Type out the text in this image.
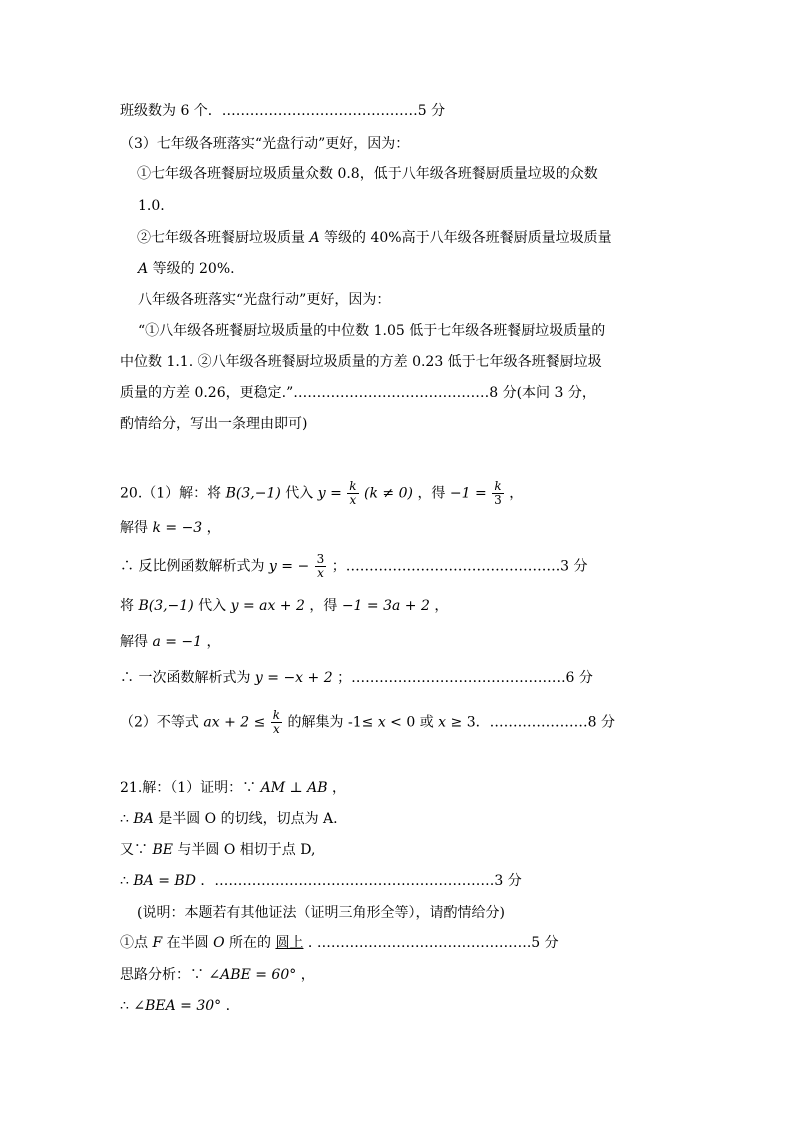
班级数为 6 个．……………………………………5 分
（3）七年级各班落实“光盘行动”更好，因为：
①七年级各班餐厨垃圾质量众数 0.8，低于八年级各班餐厨质量垃圾的众数
1.0.
②七年级各班餐厨垃圾质量 A 等级的 40%高于八年级各班餐厨质量垃圾质量
A 等级的 20%.
八年级各班落实“光盘行动”更好，因为：
“①八年级各班餐厨垃圾质量的中位数 1.05 低于七年级各班餐厨垃圾质量的
中位数 1.1. ②八年级各班餐厨垃圾质量的方差 0.23 低于七年级各班餐厨垃圾
质量的方差 0.26，更稳定.”……………………………………8 分(本问 3 分，
酌情给分，写出一条理由即可)
20.（1）解：将 B(3,−1) 代入 $y = \frac{k}{x} (k \ne 0)$ ，得 $-1 = \frac{k}{3}$ ，
解得 k = −3 ，
∴ 反比例函数解析式为 y = − $\frac{3}{x}$ ；……………………………………….3 分
将 B(3,−1) 代入 y = ax + 2 ，得 −1 = 3a + 2 ，
解得 a = −1 ，
∴ 一次函数解析式为 y = −x + 2 ；……………………………………….6 分
（2）不等式 ax + $2 \le \frac{k}{x}$ 的解集为 -1≤ x < 0 或 x ≥ 3．…………………8 分
21.解：（1）证明：∵ AM ⊥ AB ，
∴ BA 是半圆 O 的切线，切点为 A.
又∵ BE 与半圆 O 相切于点 D,
∴ BA = BD ．……………………………………………………3 分
(说明：本题若有其他证法（证明三角形全等），请酌情给分)
①点 F 在半圆 O 所在的 圆上 . ……………………………………….5 分
思路分析：∵ ∠ABE = 60° ，
∴ ∠BEA = 30° .
